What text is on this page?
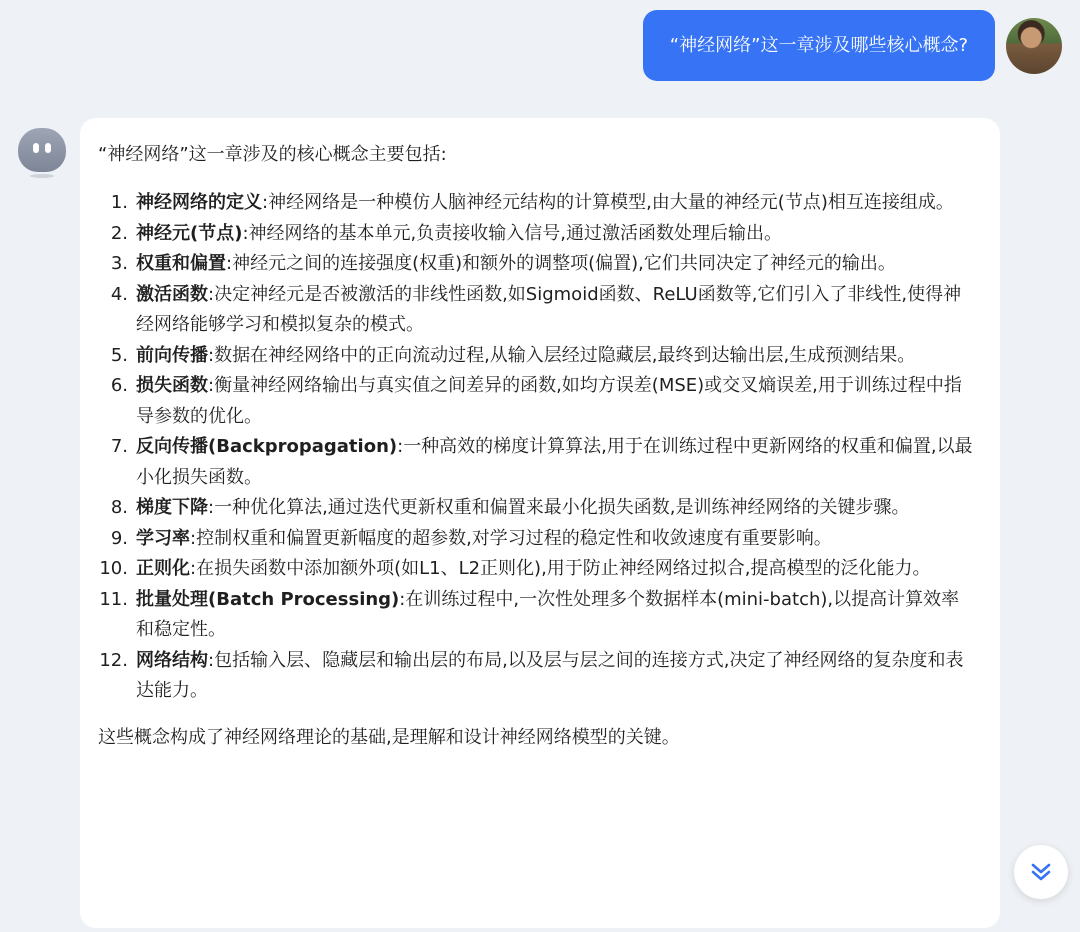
“神经网络”这一章涉及哪些核心概念?

“神经网络”这一章涉及的核心概念主要包括:

1. 神经网络的定义:神经网络是一种模仿人脑神经元结构的计算模型,由大量的神经元(节点)相互连接组成。
2. 神经元(节点):神经网络的基本单元,负责接收输入信号,通过激活函数处理后输出。
3. 权重和偏置:神经元之间的连接强度(权重)和额外的调整项(偏置),它们共同决定了神经元的输出。
4. 激活函数:决定神经元是否被激活的非线性函数,如Sigmoid函数、ReLU函数等,它们引入了非线性,使得神经网络能够学习和模拟复杂的模式。
5. 前向传播:数据在神经网络中的正向流动过程,从输入层经过隐藏层,最终到达输出层,生成预测结果。
6. 损失函数:衡量神经网络输出与真实值之间差异的函数,如均方误差(MSE)或交叉熵误差,用于训练过程中指导参数的优化。
7. 反向传播(Backpropagation):一种高效的梯度计算算法,用于在训练过程中更新网络的权重和偏置,以最小化损失函数。
8. 梯度下降:一种优化算法,通过迭代更新权重和偏置来最小化损失函数,是训练神经网络的关键步骤。
9. 学习率:控制权重和偏置更新幅度的超参数,对学习过程的稳定性和收敛速度有重要影响。
10. 正则化:在损失函数中添加额外项(如L1、L2正则化),用于防止神经网络过拟合,提高模型的泛化能力。
11. 批量处理(Batch Processing):在训练过程中,一次性处理多个数据样本(mini-batch),以提高计算效率和稳定性。
12. 网络结构:包括输入层、隐藏层和输出层的布局,以及层与层之间的连接方式,决定了神经网络的复杂度和表达能力。

这些概念构成了神经网络理论的基础,是理解和设计神经网络模型的关键。
